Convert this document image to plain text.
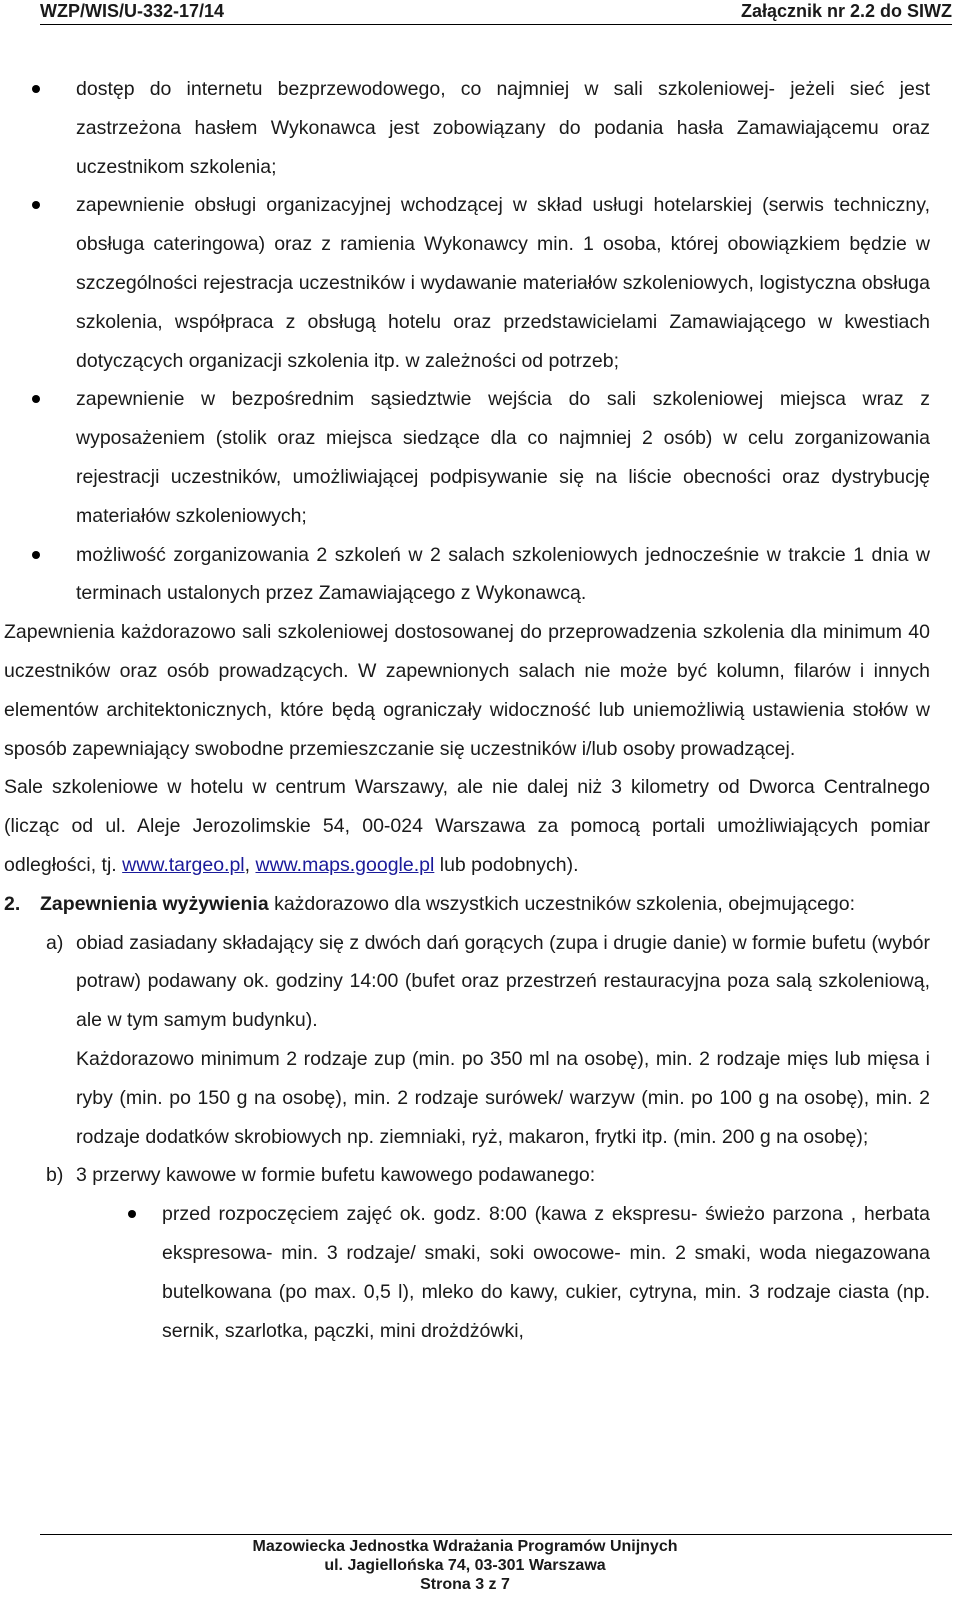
WZP/WIS/U-332-17/14	Załącznik nr 2.2 do SIWZ
dostęp do internetu bezprzewodowego, co najmniej w sali szkoleniowej- jeżeli sieć jest zastrzeżona hasłem Wykonawca jest zobowiązany do podania hasła Zamawiającemu oraz uczestnikom szkolenia;
zapewnienie obsługi organizacyjnej wchodzącej w skład usługi hotelarskiej (serwis techniczny, obsługa cateringowa) oraz z ramienia Wykonawcy min. 1 osoba, której obowiązkiem będzie w szczególności rejestracja uczestników i wydawanie materiałów szkoleniowych, logistyczna obsługa szkolenia, współpraca z obsługą hotelu oraz przedstawicielami Zamawiającego w kwestiach dotyczących organizacji szkolenia itp. w zależności od potrzeb;
zapewnienie w bezpośrednim sąsiedztwie wejścia do sali szkoleniowej miejsca wraz z wyposażeniem (stolik oraz miejsca siedzące dla co najmniej 2 osób) w celu zorganizowania rejestracji uczestników, umożliwiającej podpisywanie się na liście obecności oraz dystrybucję materiałów szkoleniowych;
możliwość zorganizowania 2 szkoleń w 2 salach szkoleniowych jednocześnie w trakcie 1 dnia w terminach ustalonych przez Zamawiającego z Wykonawcą.

Zapewnienia każdorazowo sali szkoleniowej dostosowanej do przeprowadzenia szkolenia dla minimum 40 uczestników oraz osób prowadzących. W zapewnionych salach nie może być kolumn, filarów i innych elementów architektonicznych, które będą ograniczały widoczność lub uniemożliwią ustawienia stołów w sposób zapewniający swobodne przemieszczanie się uczestników i/lub osoby prowadzącej.

Sale szkoleniowe w hotelu w centrum Warszawy, ale nie dalej niż 3 kilometry od Dworca Centralnego (licząc od ul. Aleje Jerozolimskie 54, 00-024 Warszawa za pomocą portali umożliwiających pomiar odległości, tj. www.targeo.pl, www.maps.google.pl lub podobnych).

2. Zapewnienia wyżywienia każdorazowo dla wszystkich uczestników szkolenia, obejmującego:
a) obiad zasiadany składający się z dwóch dań gorących (zupa i drugie danie) w formie bufetu (wybór potraw) podawany ok. godziny 14:00 (bufet oraz przestrzeń restauracyjna poza salą szkoleniową, ale w tym samym budynku).
Każdorazowo minimum 2 rodzaje zup (min. po 350 ml na osobę), min. 2 rodzaje mięs lub mięsa i ryby (min. po 150 g na osobę), min. 2 rodzaje surówek/ warzyw (min. po 100 g na osobę), min. 2 rodzaje dodatków skrobiowych np. ziemniaki, ryż, makaron, frytki itp. (min. 200 g na osobę);
b) 3 przerwy kawowe w formie bufetu kawowego podawanego:
przed rozpoczęciem zajęć ok. godz. 8:00 (kawa z ekspresu- świeżo parzona , herbata ekspresowa- min. 3 rodzaje/ smaki, soki owocowe- min. 2 smaki, woda niegazowana butelkowana (po max. 0,5 l), mleko do kawy, cukier, cytryna, min. 3 rodzaje ciasta (np. sernik, szarlotka, pączki, mini drożdżówki,
Mazowiecka Jednostka Wdrażania Programów Unijnych
ul. Jagiellońska 74, 03-301 Warszawa
Strona 3 z 7
